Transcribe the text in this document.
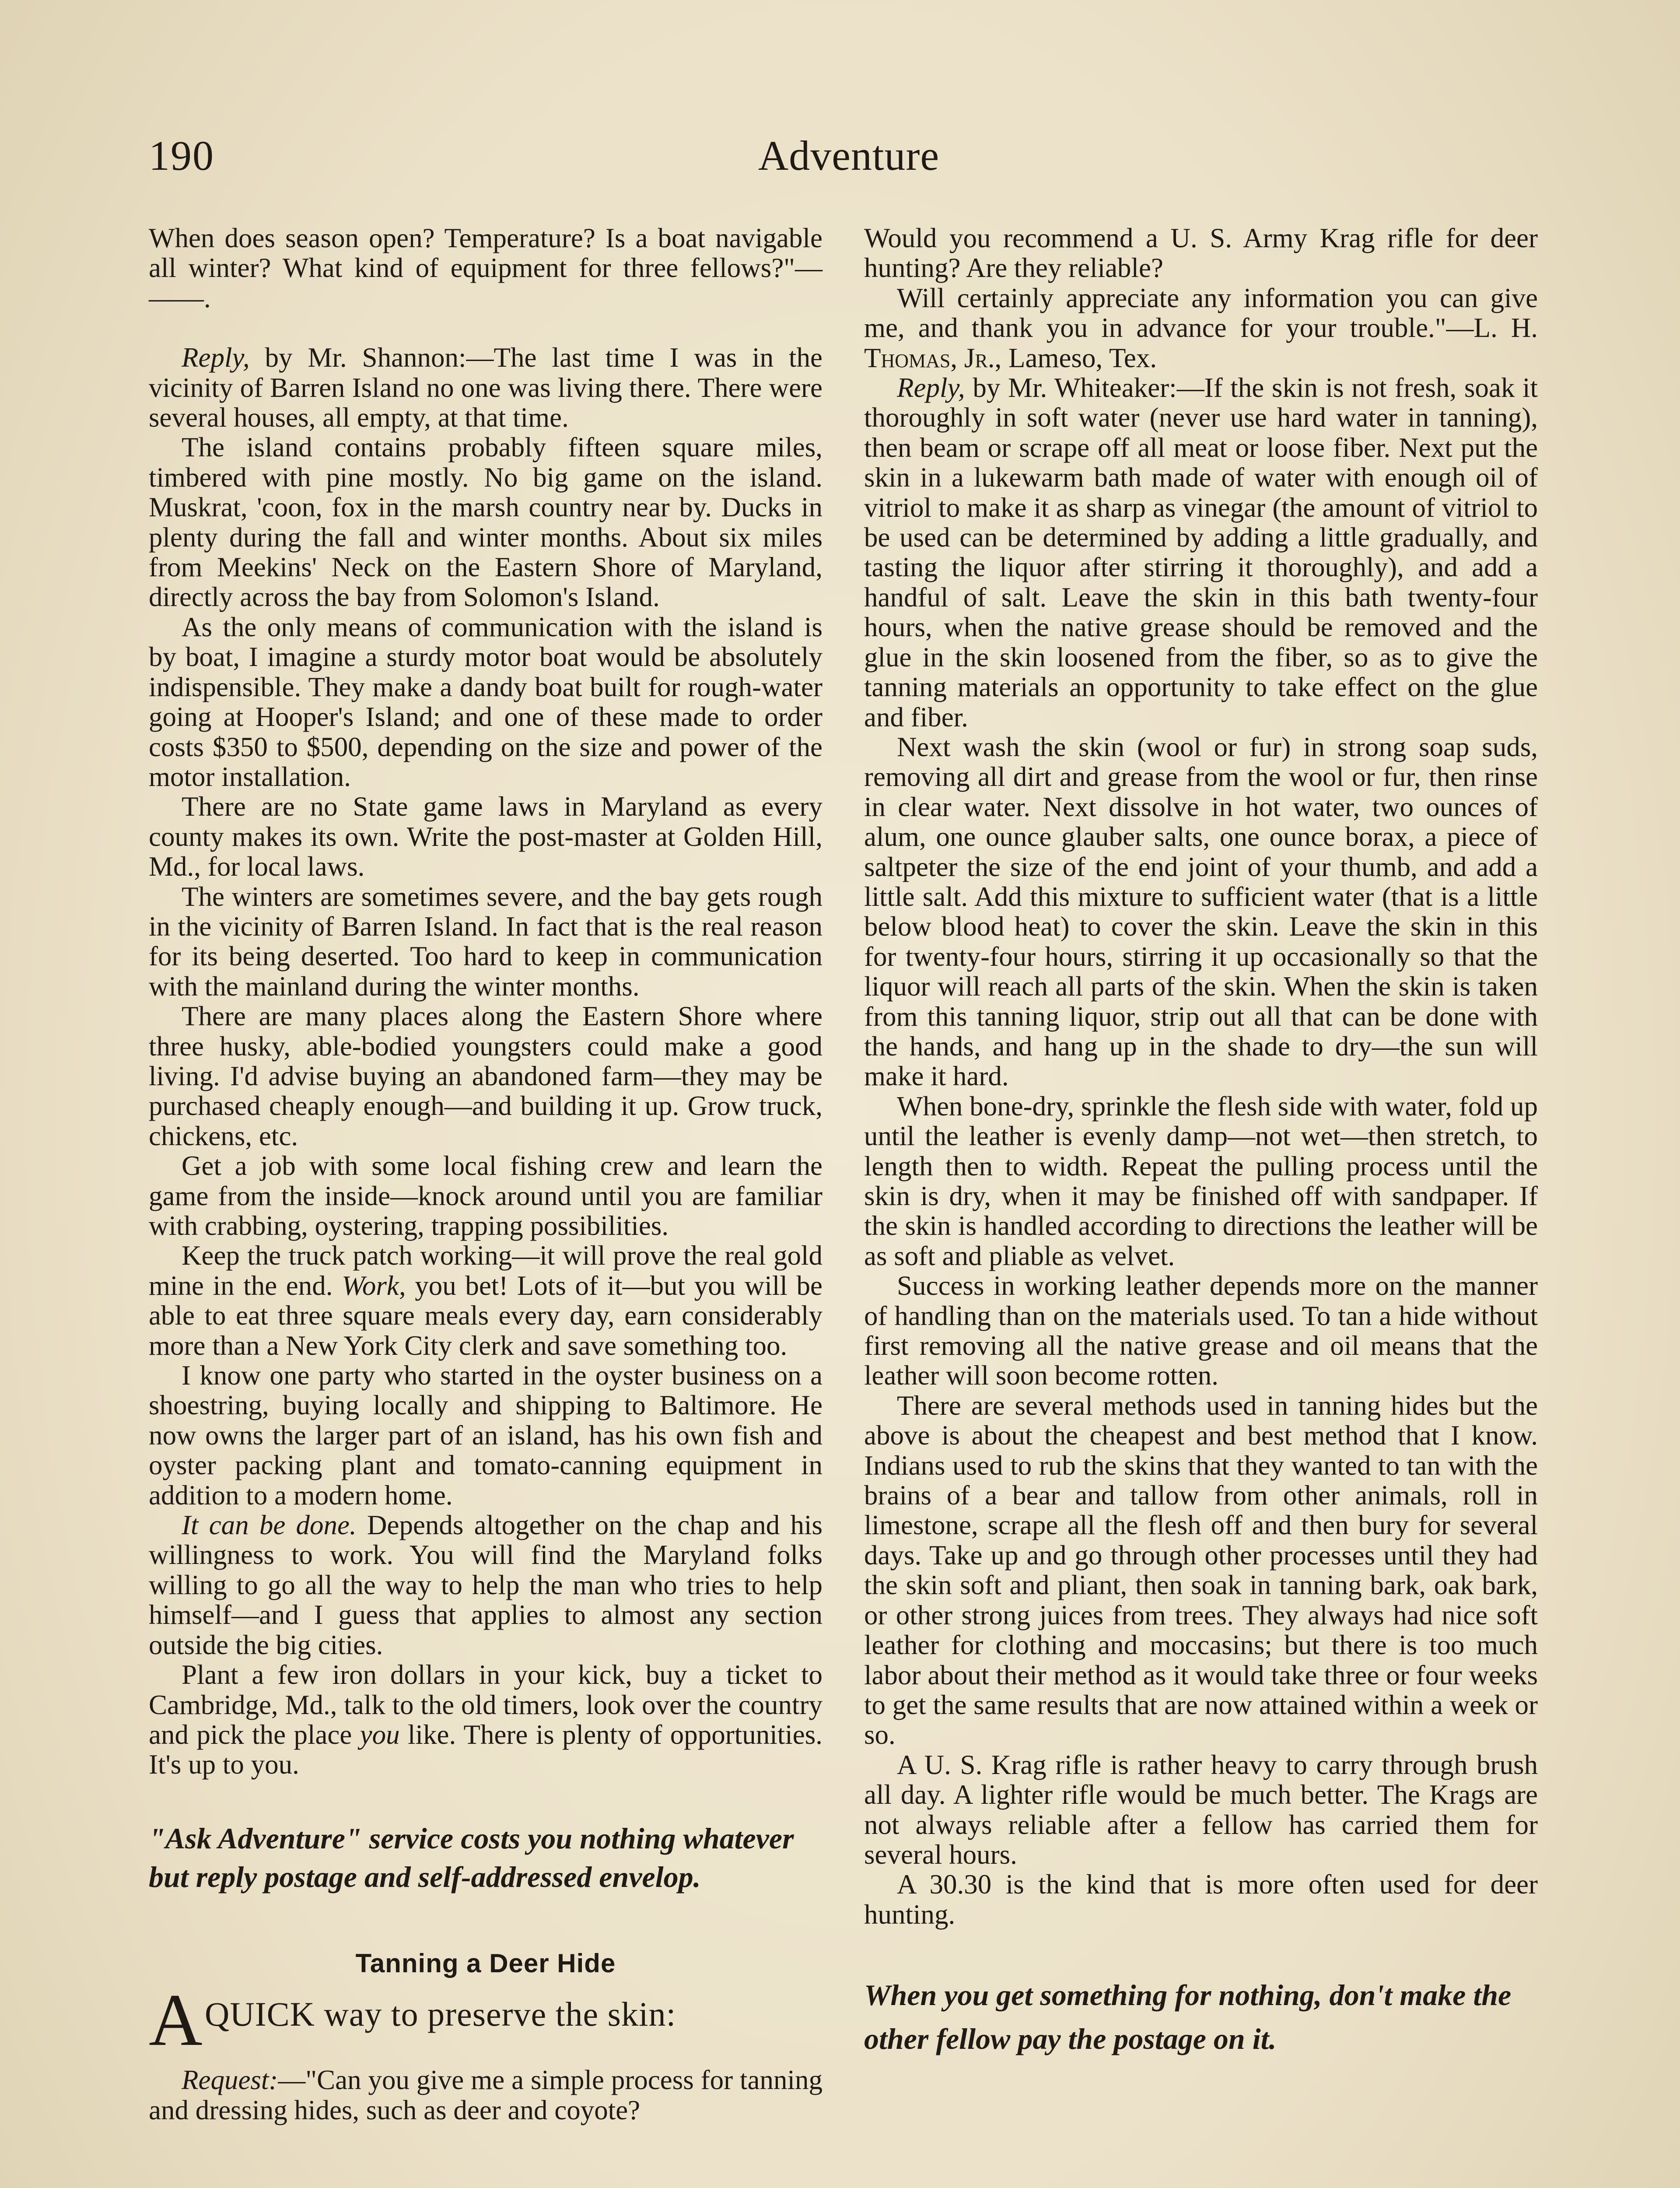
190	Adventure

When does season open? Temperature? Is a boat navigable all winter? What kind of equipment for three fellows?"— ——.

Reply, by Mr. Shannon:—The last time I was in the vicinity of Barren Island no one was living there. There were several houses, all empty, at that time.

The island contains probably fifteen square miles, timbered with pine mostly. No big game on the island. Muskrat, 'coon, fox in the marsh country near by. Ducks in plenty during the fall and winter months. About six miles from Meekins' Neck on the Eastern Shore of Maryland, directly across the bay from Solomon's Island.

As the only means of communication with the island is by boat, I imagine a sturdy motor boat would be absolutely indispensible. They make a dandy boat built for rough-water going at Hooper's Island; and one of these made to order costs $350 to $500, depending on the size and power of the motor installation.

There are no State game laws in Maryland as every county makes its own. Write the post-master at Golden Hill, Md., for local laws.

The winters are sometimes severe, and the bay gets rough in the vicinity of Barren Island. In fact that is the real reason for its being deserted. Too hard to keep in communication with the mainland during the winter months.

There are many places along the Eastern Shore where three husky, able-bodied youngsters could make a good living. I'd advise buying an abandoned farm—they may be purchased cheaply enough—and building it up. Grow truck, chickens, etc.

Get a job with some local fishing crew and learn the game from the inside—knock around until you are familiar with crabbing, oystering, trapping possibilities.

Keep the truck patch working—it will prove the real gold mine in the end. Work, you bet! Lots of it—but you will be able to eat three square meals every day, earn considerably more than a New York City clerk and save something too.

I know one party who started in the oyster business on a shoestring, buying locally and shipping to Baltimore. He now owns the larger part of an island, has his own fish and oyster packing plant and tomato-canning equipment in addition to a modern home.

It can be done. Depends altogether on the chap and his willingness to work. You will find the Maryland folks willing to go all the way to help the man who tries to help himself—and I guess that applies to almost any section outside the big cities.

Plant a few iron dollars in your kick, buy a ticket to Cambridge, Md., talk to the old timers, look over the country and pick the place you like. There is plenty of opportunities. It's up to you.

"Ask Adventure" service costs you nothing whatever but reply postage and self-addressed envelop.
Tanning a Deer Hide
A QUICK way to preserve the skin:

Request:—"Can you give me a simple process for tanning and dressing hides, such as deer and coyote?

Would you recommend a U. S. Army Krag rifle for deer hunting? Are they reliable?

Will certainly appreciate any information you can give me, and thank you in advance for your trouble."—L. H. Thomas, Jr., Lameso, Tex.

Reply, by Mr. Whiteaker:—If the skin is not fresh, soak it thoroughly in soft water (never use hard water in tanning), then beam or scrape off all meat or loose fiber. Next put the skin in a lukewarm bath made of water with enough oil of vitriol to make it as sharp as vinegar (the amount of vitriol to be used can be determined by adding a little gradually, and tasting the liquor after stirring it thoroughly), and add a handful of salt. Leave the skin in this bath twenty-four hours, when the native grease should be removed and the glue in the skin loosened from the fiber, so as to give the tanning materials an opportunity to take effect on the glue and fiber.

Next wash the skin (wool or fur) in strong soap suds, removing all dirt and grease from the wool or fur, then rinse in clear water. Next dissolve in hot water, two ounces of alum, one ounce glauber salts, one ounce borax, a piece of saltpeter the size of the end joint of your thumb, and add a little salt. Add this mixture to sufficient water (that is a little below blood heat) to cover the skin. Leave the skin in this for twenty-four hours, stirring it up occasionally so that the liquor will reach all parts of the skin. When the skin is taken from this tanning liquor, strip out all that can be done with the hands, and hang up in the shade to dry—the sun will make it hard.

When bone-dry, sprinkle the flesh side with water, fold up until the leather is evenly damp—not wet—then stretch, to length then to width. Repeat the pulling process until the skin is dry, when it may be finished off with sandpaper. If the skin is handled according to directions the leather will be as soft and pliable as velvet.

Success in working leather depends more on the manner of handling than on the materials used. To tan a hide without first removing all the native grease and oil means that the leather will soon become rotten.

There are several methods used in tanning hides but the above is about the cheapest and best method that I know. Indians used to rub the skins that they wanted to tan with the brains of a bear and tallow from other animals, roll in limestone, scrape all the flesh off and then bury for several days. Take up and go through other processes until they had the skin soft and pliant, then soak in tanning bark, oak bark, or other strong juices from trees. They always had nice soft leather for clothing and moccasins; but there is too much labor about their method as it would take three or four weeks to get the same results that are now attained within a week or so.

A U. S. Krag rifle is rather heavy to carry through brush all day. A lighter rifle would be much better. The Krags are not always reliable after a fellow has carried them for several hours.

A 30.30 is the kind that is more often used for deer hunting.

When you get something for nothing, don't make the other fellow pay the postage on it.
